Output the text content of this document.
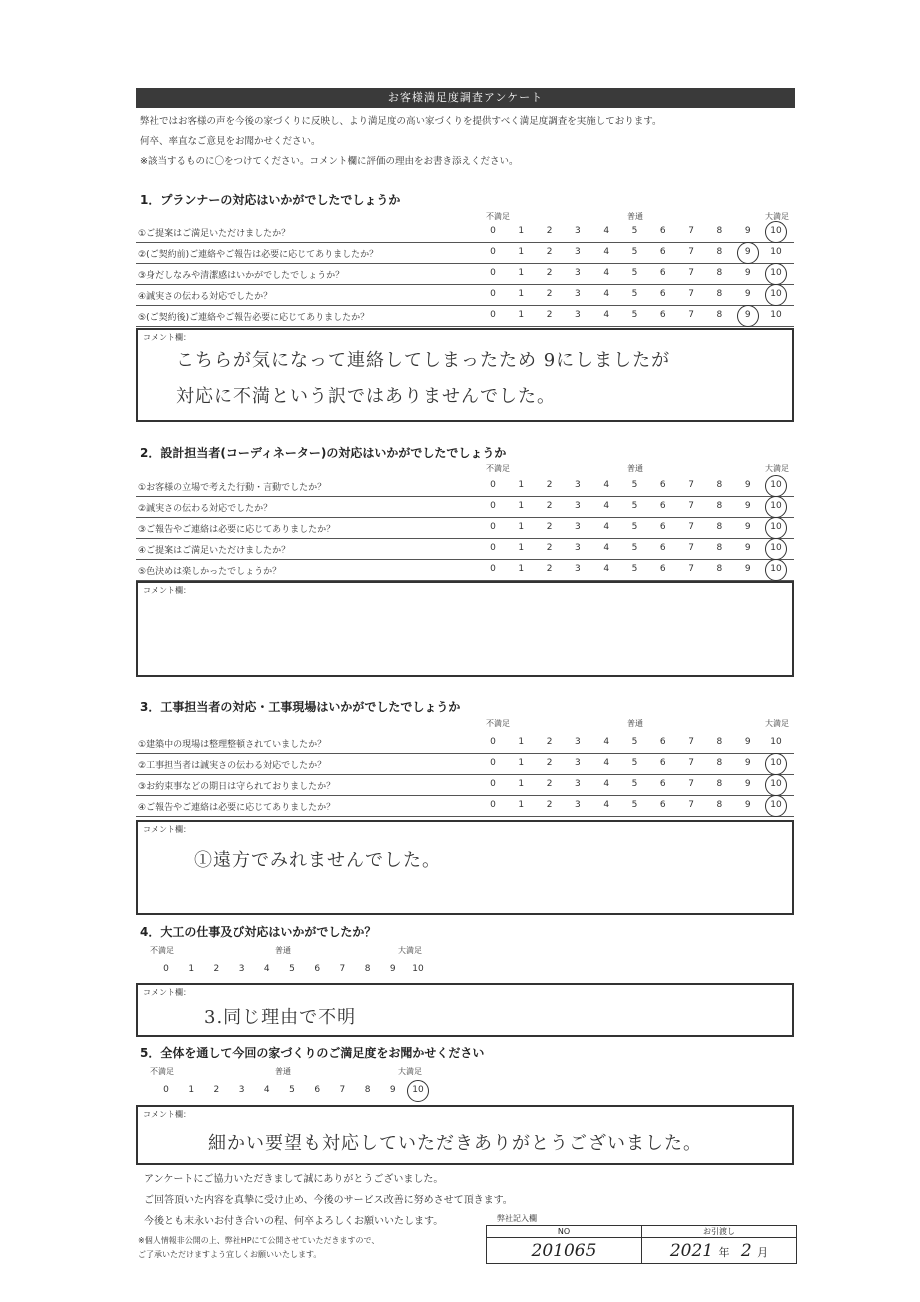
お客様満足度調査アンケート
弊社ではお客様の声を今後の家づくりに反映し、より満足度の高い家づくりを提供すべく満足度調査を実施しております。
何卒、率直なご意見をお聞かせください。
※該当するものに〇をつけてください。コメント欄に評価の理由をお書き添えください。
1．プランナーの対応はいかがでしたでしょうか
不満足	普通	大満足
①ご提案はご満足いただけましたか？	0	1	2	3	4	5	6	7	8	9	10
②(ご契約前)ご連絡やご報告は必要に応じてありましたか？	0	1	2	3	4	5	6	7	8	9	10
③身だしなみや清潔感はいかがでしたでしょうか？	0	1	2	3	4	5	6	7	8	9	10
④誠実さの伝わる対応でしたか？	0	1	2	3	4	5	6	7	8	9	10
⑤(ご契約後)ご連絡やご報告必要に応じてありましたか？	0	1	2	3	4	5	6	7	8	9	10
コメント欄：
こちらが気になって連絡してしまったため 9にしましたが
対応に不満という訳ではありませんでした。
2．設計担当者(コーディネーター)の対応はいかがでしたでしょうか
不満足	普通	大満足
①お客様の立場で考えた行動・言動でしたか？	0	1	2	3	4	5	6	7	8	9	10
②誠実さの伝わる対応でしたか？	0	1	2	3	4	5	6	7	8	9	10
③ご報告やご連絡は必要に応じてありましたか？	0	1	2	3	4	5	6	7	8	9	10
④ご提案はご満足いただけましたか？	0	1	2	3	4	5	6	7	8	9	10
⑤色決めは楽しかったでしょうか？	0	1	2	3	4	5	6	7	8	9	10
コメント欄：
3．工事担当者の対応・工事現場はいかがでしたでしょうか
不満足	普通	大満足
①建築中の現場は整理整頓されていましたか？	0	1	2	3	4	5	6	7	8	9	10
②工事担当者は誠実さの伝わる対応でしたか？	0	1	2	3	4	5	6	7	8	9	10
③お約束事などの期日は守られておりましたか？	0	1	2	3	4	5	6	7	8	9	10
④ご報告やご連絡は必要に応じてありましたか？	0	1	2	3	4	5	6	7	8	9	10
コメント欄：
①遠方でみれませんでした。
4．大工の仕事及び対応はいかがでしたか？
不満足	普通	大満足
0	1	2	3	4	5	6	7	8	9	10
コメント欄：
3.同じ理由で不明
5．全体を通して今回の家づくりのご満足度をお聞かせください
不満足	普通	大満足
0	1	2	3	4	5	6	7	8	9	10
コメント欄：
細かい要望も対応していただきありがとうございました。
アンケートにご協力いただきまして誠にありがとうございました。
ご回答頂いた内容を真摯に受け止め、今後のサービス改善に努めさせて頂きます。
今後とも末永いお付き合いの程、何卒よろしくお願いいたします。
※個人情報非公開の上、弊社HPにて公開させていただきますので、
ご了承いただけますよう宜しくお願いいたします。
弊社記入欄
NO	お引渡し
201065	2021 年 2 月
